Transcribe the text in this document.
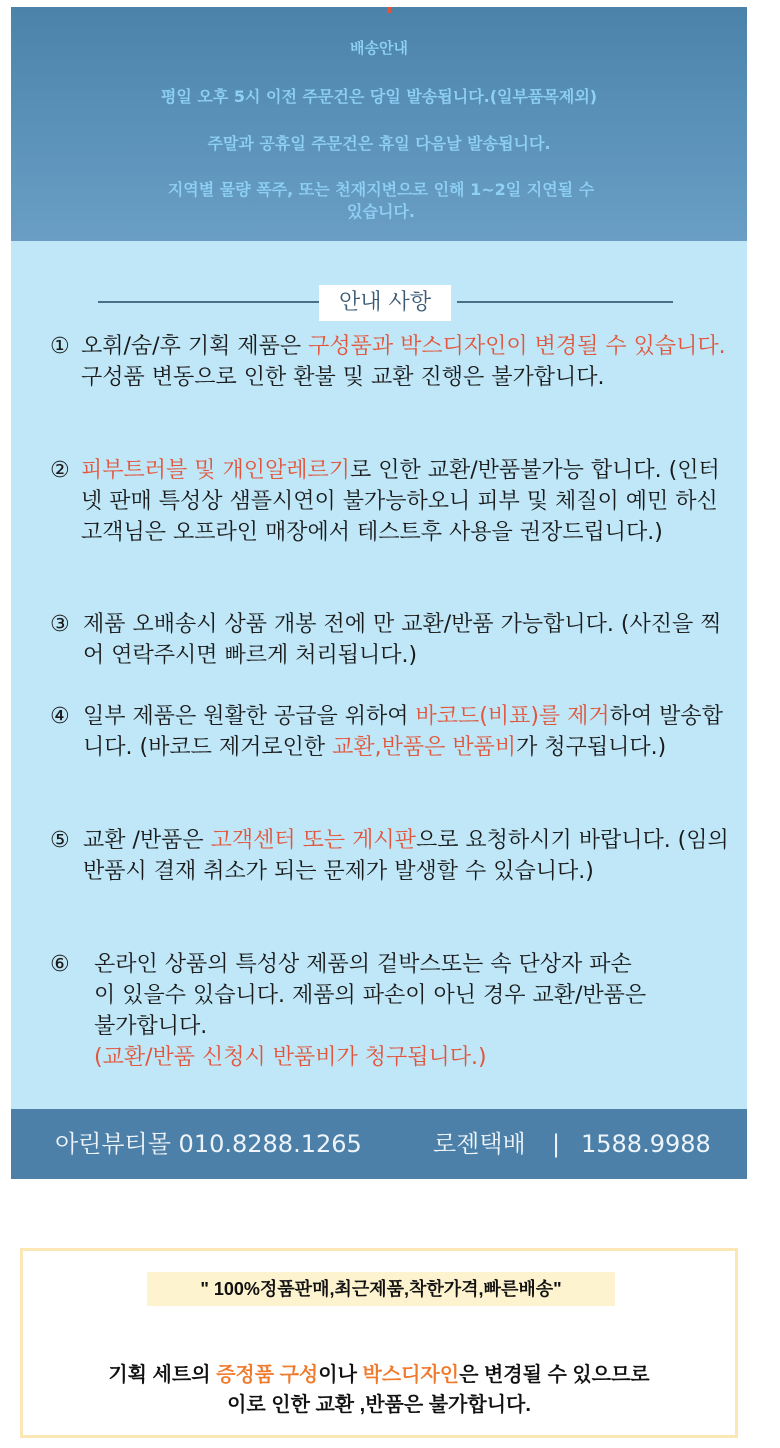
배송안내
평일 오후 5시 이전 주문건은 당일 발송됩니다.(일부품목제외)
주말과 공휴일 주문건은 휴일 다음날 발송됩니다.
지역별 물량 폭주, 또는 천재지변으로 인해 1~2일 지연될 수 있습니다.
안내 사항
① 오휘/숨/후 기획 제품은 구성품과 박스디자인이 변경될 수 있습니다.구성품 변동으로 인한 환불 및 교환 진행은 불가합니다.
② 피부트러블 및 개인알레르기로 인한 교환/반품불가능 합니다. (인터넷 판매 특성상 샘플시연이 불가능하오니 피부 및 체질이 예민 하신 고객님은 오프라인 매장에서 테스트후 사용을 권장드립니다.)
③ 제품 오배송시 상품 개봉 전에 만 교환/반품 가능합니다. (사진을 찍어 연락주시면 빠르게 처리됩니다.)
④ 일부 제품은 원활한 공급을 위하여 바코드(비표)를 제거하여 발송합니다. (바코드 제거로인한 교환,반품은 반품비가 청구됩니다.)
⑤ 교환 /반품은 고객센터 또는 게시판으로 요청하시기 바랍니다. (임의반품시 결재 취소가 되는 문제가 발생할 수 있습니다.)
⑥	온라인 상품의 특성상 제품의 겉박스또는 속 단상자 파손이 있을수 있습니다. 제품의 파손이 아닌 경우 교환/반품은 불가합니다.
(교환/반품 신청시 반품비가 청구됩니다.)
아린뷰티몰 010.8288.1265	로젠택배 | 1588.9988
" 100%정품판매,최근제품,착한가격,빠른배송"
기획 세트의 증정품 구성이나 박스디자인은 변경될 수 있으므로
이로 인한 교환 ,반품은 불가합니다.
